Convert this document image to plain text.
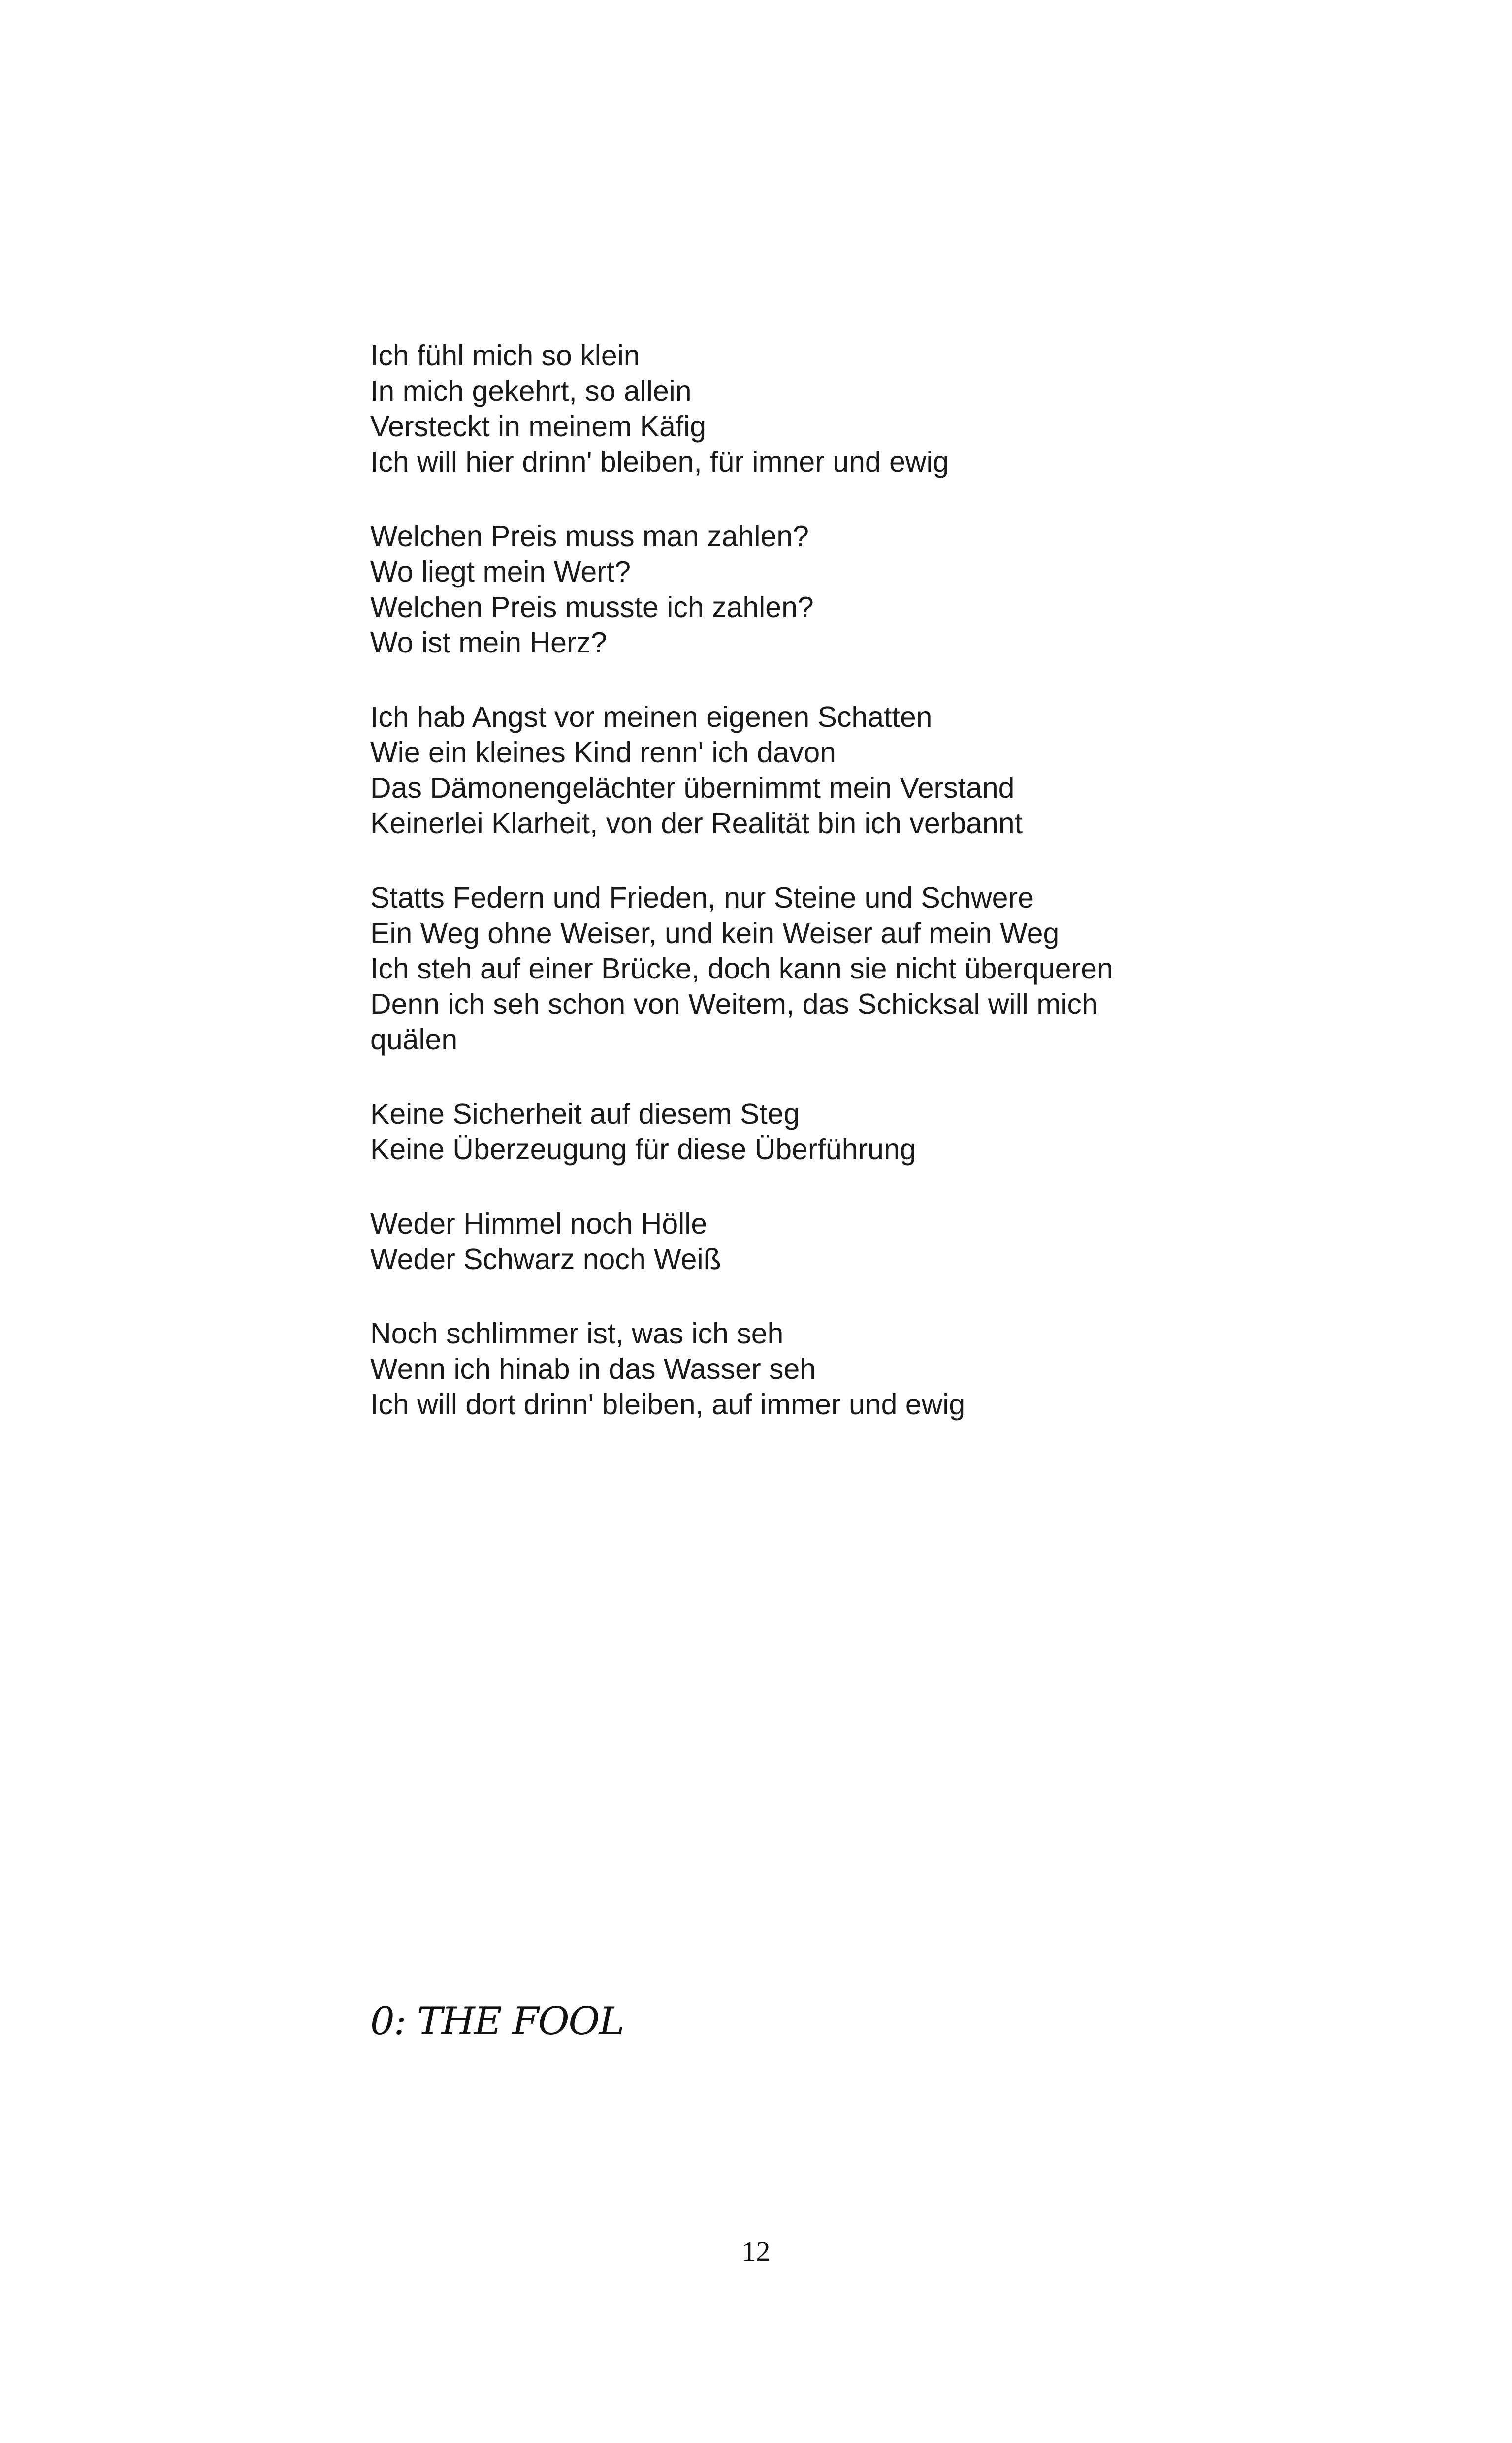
Ich fühl mich so klein
In mich gekehrt, so allein
Versteckt in meinem Käfig
Ich will hier drinn' bleiben, für imner und ewig
Welchen Preis muss man zahlen?
Wo liegt mein Wert?
Welchen Preis musste ich zahlen?
Wo ist mein Herz?
Ich hab Angst vor meinen eigenen Schatten
Wie ein kleines Kind renn' ich davon
Das Dämonengelächter übernimmt mein Verstand
Keinerlei Klarheit, von der Realität bin ich verbannt
Statts Federn und Frieden, nur Steine und Schwere
Ein Weg ohne Weiser, und kein Weiser auf mein Weg
Ich steh auf einer Brücke, doch kann sie nicht überqueren
Denn ich seh schon von Weitem, das Schicksal will mich
quälen
Keine Sicherheit auf diesem Steg
Keine Überzeugung für diese Überführung
Weder Himmel noch Hölle
Weder Schwarz noch Weiß
Noch schlimmer ist, was ich seh
Wenn ich hinab in das Wasser seh
Ich will dort drinn' bleiben, auf immer und ewig
0: THE FOOL
12
